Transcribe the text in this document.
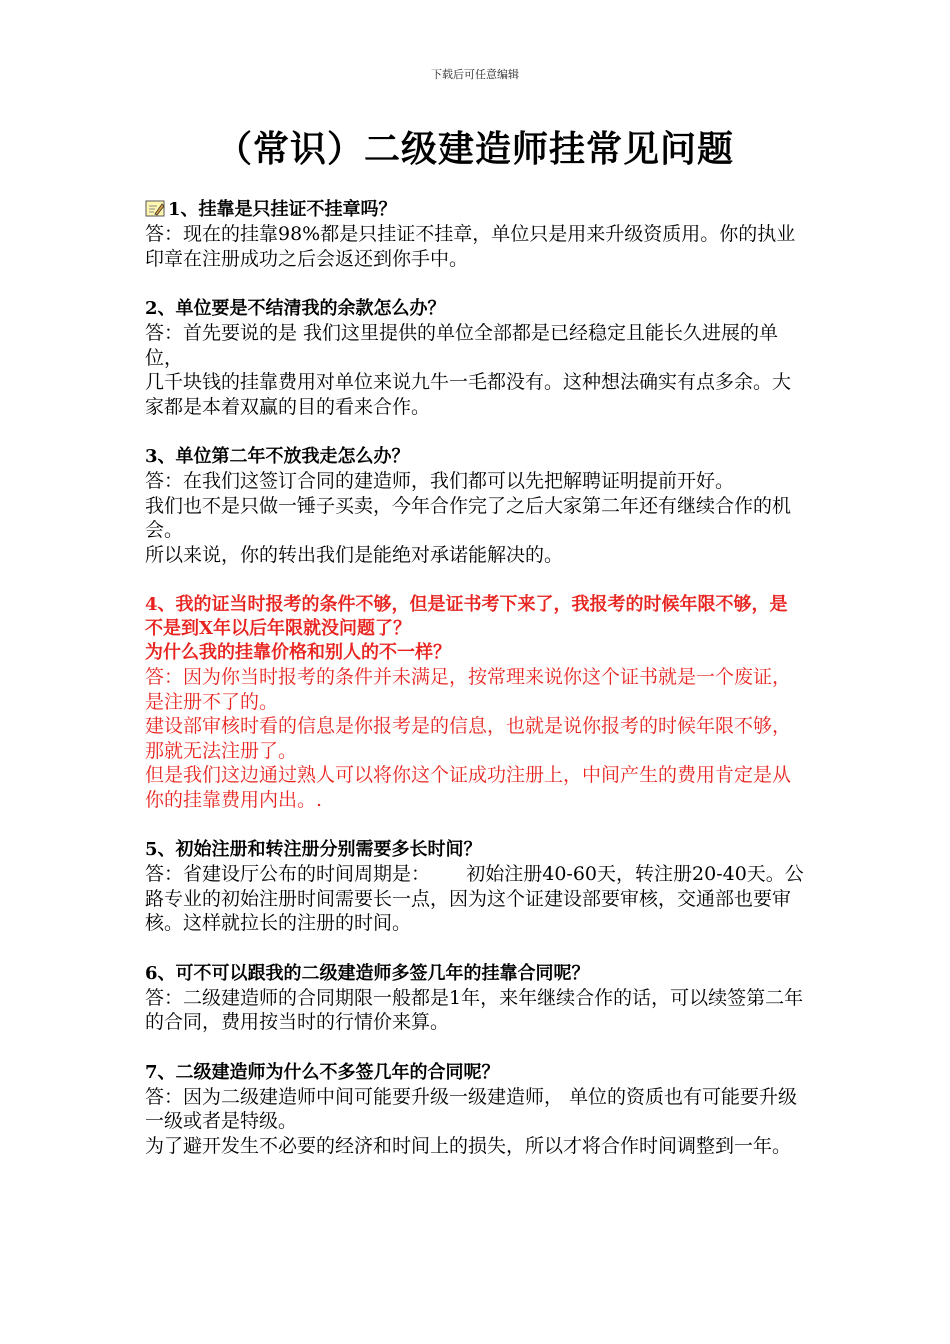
下载后可任意编辑
（常识）二级建造师挂常见问题
1、挂靠是只挂证不挂章吗？
答：现在的挂靠98%都是只挂证不挂章，单位只是用来升级资质用。你的执业印章在注册成功之后会返还到你手中。
2、单位要是不结清我的余款怎么办？
答：首先要说的是 我们这里提供的单位全部都是已经稳定且能长久进展的单位，
几千块钱的挂靠费用对单位来说九牛一毛都没有。这种想法确实有点多余。大家都是本着双赢的目的看来合作。
3、单位第二年不放我走怎么办？
答：在我们这签订合同的建造师，我们都可以先把解聘证明提前开好。
我们也不是只做一锤子买卖，今年合作完了之后大家第二年还有继续合作的机会。
所以来说，你的转出我们是能绝对承诺能解决的。
4、我的证当时报考的条件不够，但是证书考下来了，我报考的时候年限不够，是不是到X年以后年限就没问题了？
为什么我的挂靠价格和别人的不一样？
答：因为你当时报考的条件并未满足，按常理来说你这个证书就是一个废证，是注册不了的。
建设部审核时看的信息是你报考是的信息，也就是说你报考的时候年限不够，那就无法注册了。
但是我们这边通过熟人可以将你这个证成功注册上，中间产生的费用肯定是从你的挂靠费用内出。.
5、初始注册和转注册分别需要多长时间？
答：省建设厅公布的时间周期是：      初始注册40-60天，转注册20-40天。公路专业的初始注册时间需要长一点，因为这个证建设部要审核，交通部也要审核。这样就拉长的注册的时间。
6、可不可以跟我的二级建造师多签几年的挂靠合同呢？
答：二级建造师的合同期限一般都是1年，来年继续合作的话，可以续签第二年的合同，费用按当时的行情价来算。
7、二级建造师为什么不多签几年的合同呢？
答：因为二级建造师中间可能要升级一级建造师， 单位的资质也有可能要升级一级或者是特级。
为了避开发生不必要的经济和时间上的损失，所以才将合作时间调整到一年。
